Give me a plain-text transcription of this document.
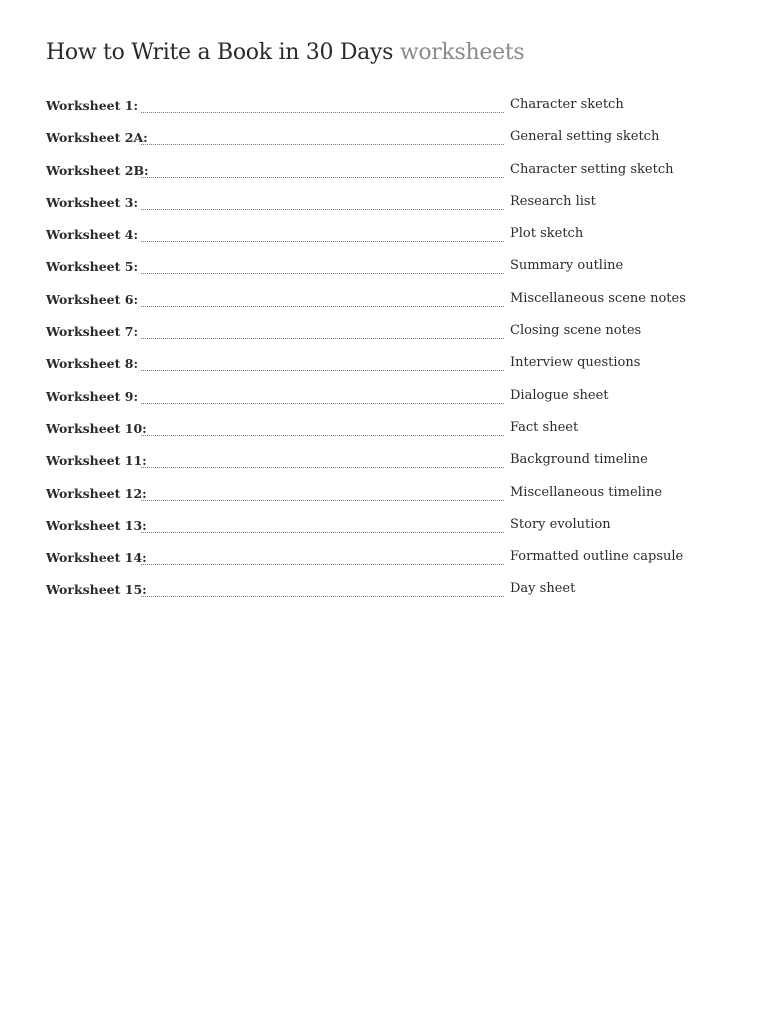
How to Write a Book in 30 Days worksheets
Worksheet 1:	Character sketch
Worksheet 2A:	General setting sketch
Worksheet 2B:	Character setting sketch
Worksheet 3:	Research list
Worksheet 4:	Plot sketch
Worksheet 5:	Summary outline
Worksheet 6:	Miscellaneous scene notes
Worksheet 7:	Closing scene notes
Worksheet 8:	Interview questions
Worksheet 9:	Dialogue sheet
Worksheet 10:	Fact sheet
Worksheet 11:	Background timeline
Worksheet 12:	Miscellaneous timeline
Worksheet 13:	Story evolution
Worksheet 14:	Formatted outline capsule
Worksheet 15:	Day sheet
